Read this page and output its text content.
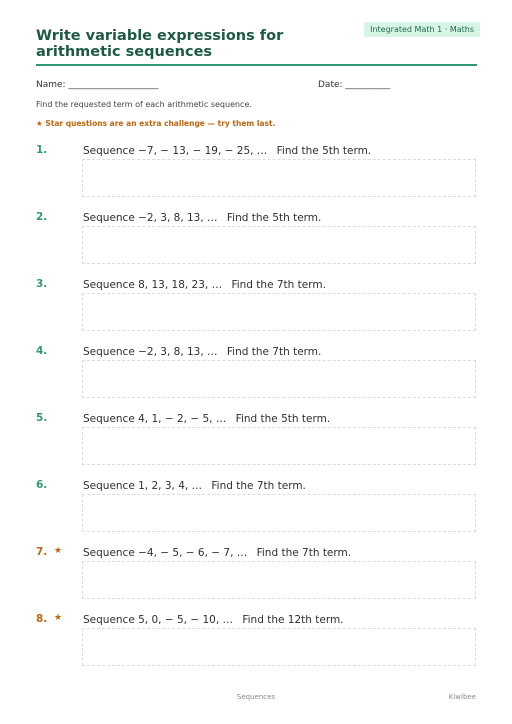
Write variable expressions for arithmetic sequences
Integrated Math 1 · Maths
Name: ____________________	Date: __________
Find the requested term of each arithmetic sequence.
★ Star questions are an extra challenge — try them last.
1.	Sequence −7, − 13, − 19, − 25, … Find the 5th term.
2.	Sequence −2, 3, 8, 13, … Find the 5th term.
3.	Sequence 8, 13, 18, 23, … Find the 7th term.
4.	Sequence −2, 3, 8, 13, … Find the 7th term.
5.	Sequence 4, 1, − 2, − 5, … Find the 5th term.
6.	Sequence 1, 2, 3, 4, … Find the 7th term.
7. ★ Sequence −4, − 5, − 6, − 7, … Find the 7th term.
8. ★ Sequence 5, 0, − 5, − 10, … Find the 12th term.
Sequences	Kiwibee
